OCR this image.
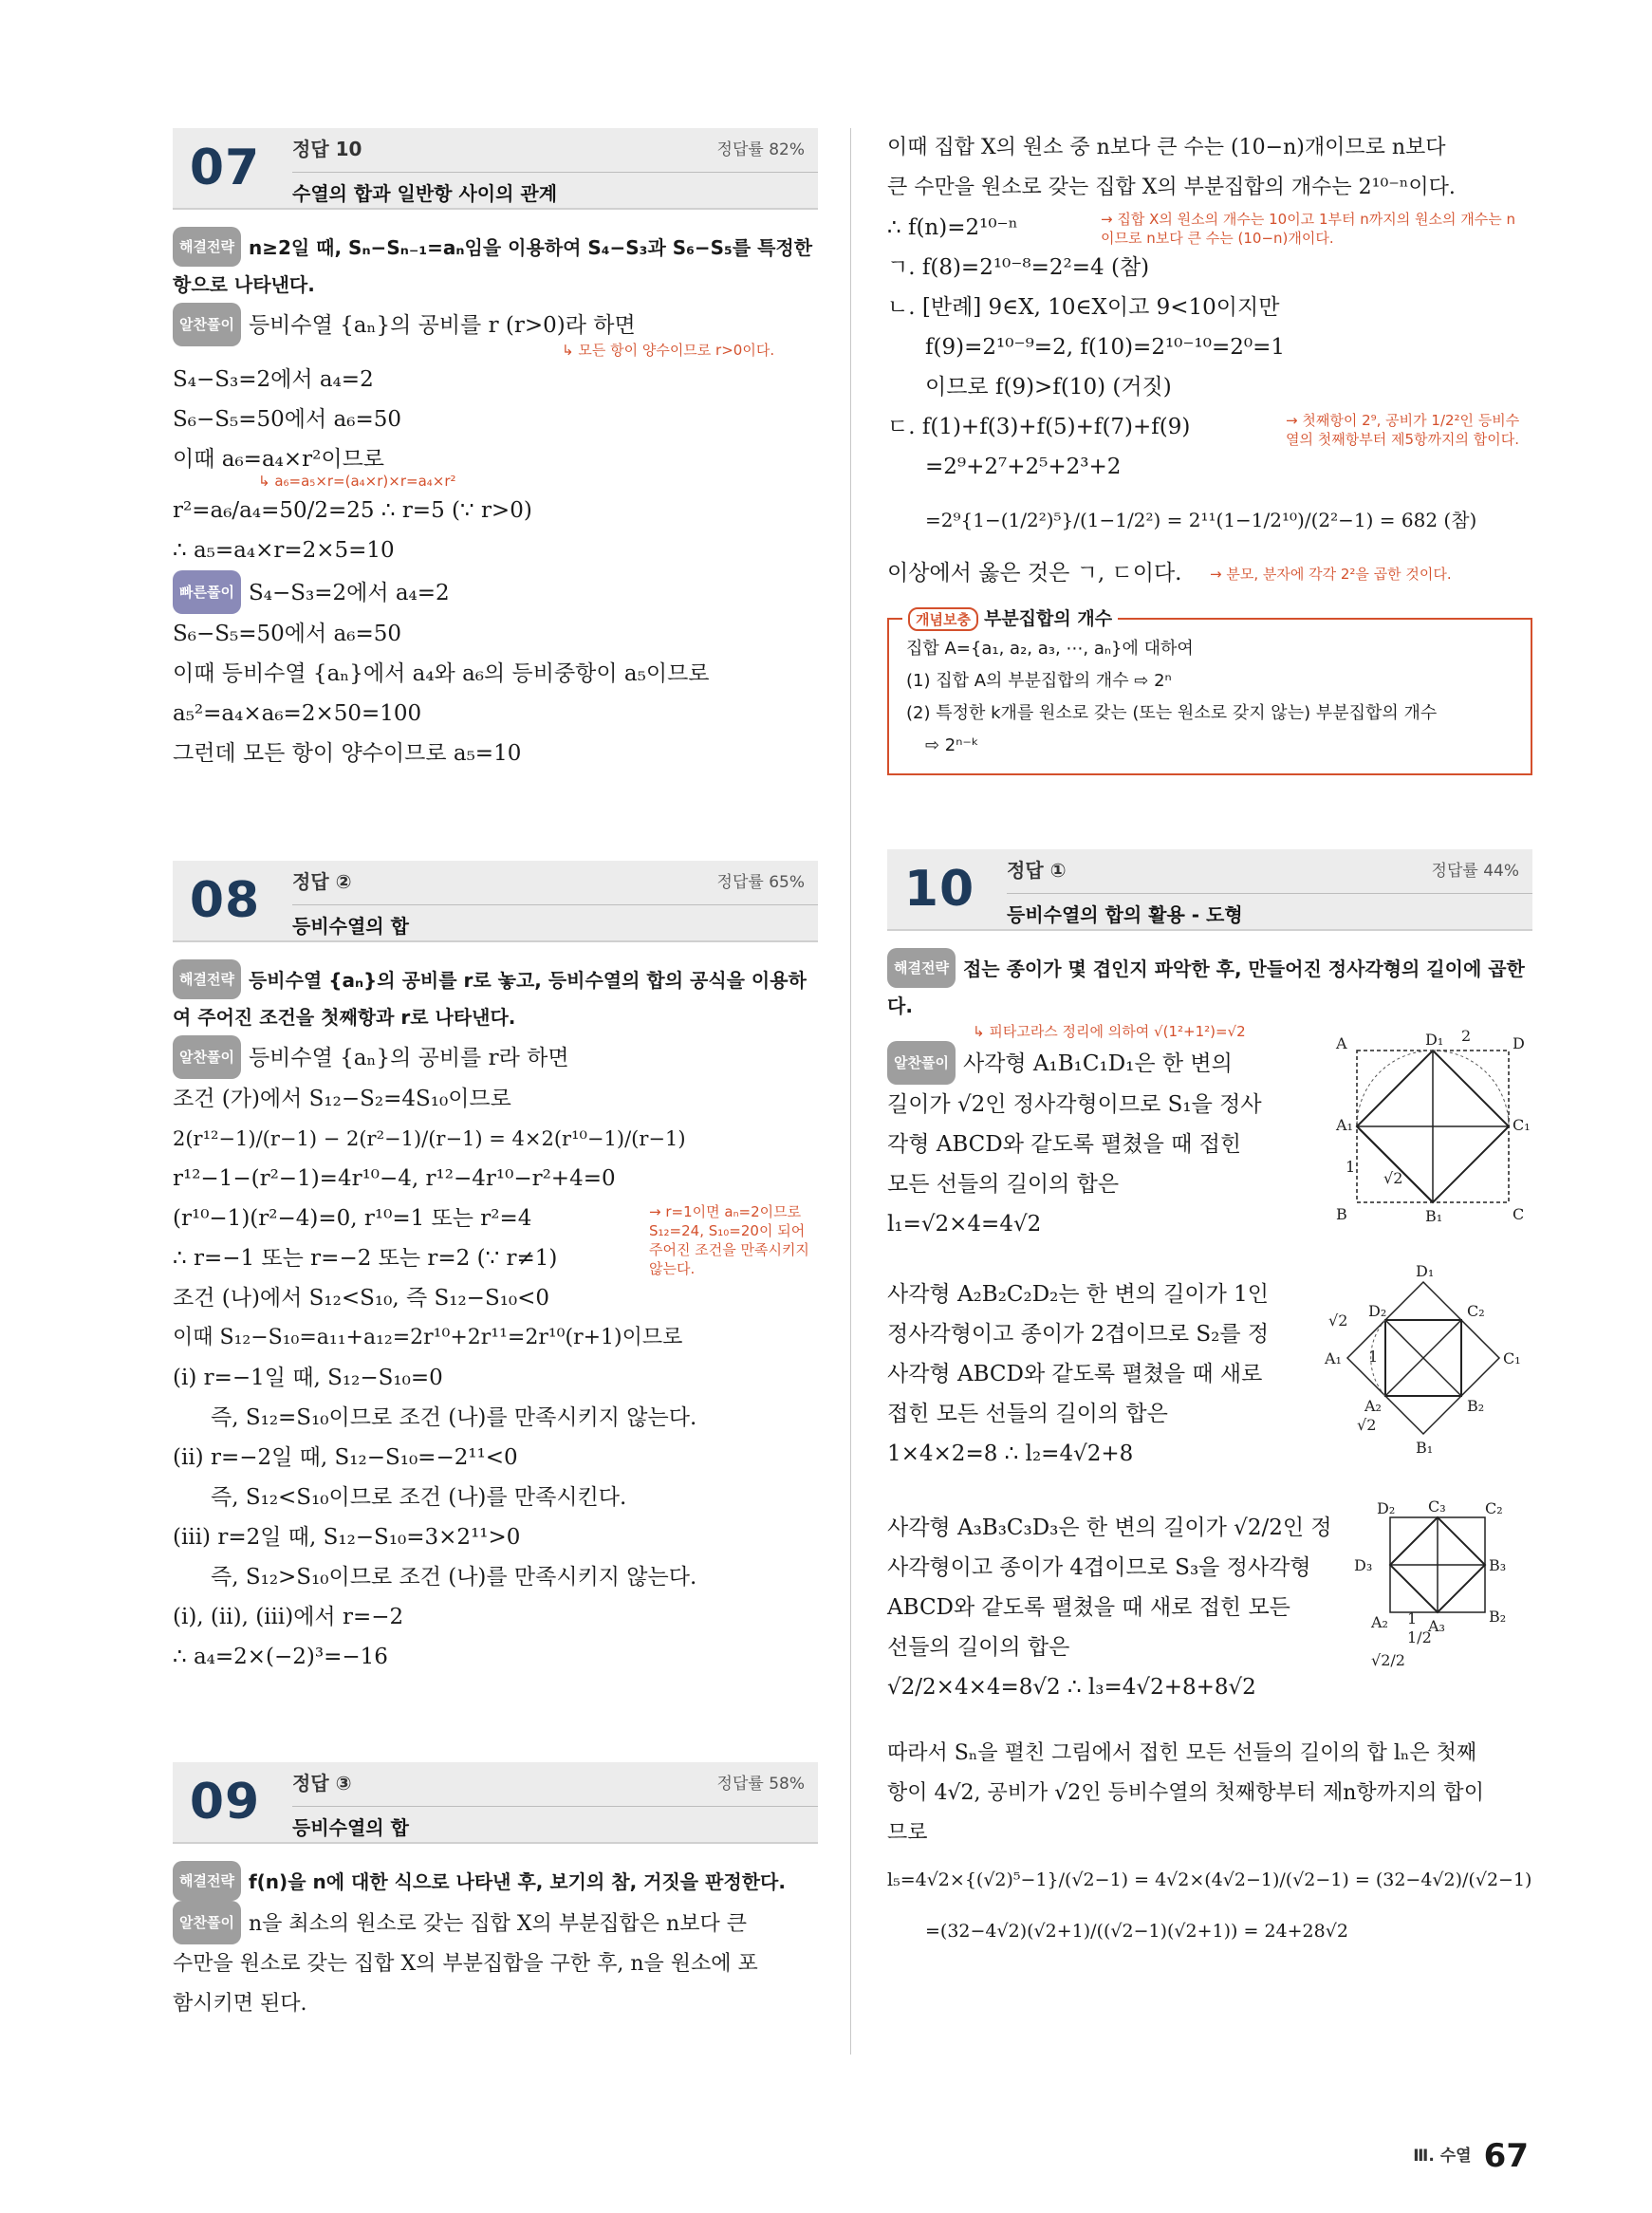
07	정답 10	정답률 82%
수열의 합과 일반항 사이의 관계
해결전략 n≥2일 때, Sₙ−Sₙ₋₁=aₙ임을 이용하여 S₄−S₃과 S₆−S₅를 특정한 항으로 나타낸다.
알찬풀이 등비수열 {aₙ}의 공비를 r (r>0)라 하면
↳ 모든 항이 양수이므로 r>0이다.
S₄−S₃=2에서 a₄=2
S₆−S₅=50에서 a₆=50
이때 a₆=a₄×r²이므로
↳ a₆=a₅×r=(a₄×r)×r=a₄×r²
r²=a₆/a₄=50/2=25 ∴ r=5 (∵ r>0)
∴ a₅=a₄×r=2×5=10
빠른풀이 S₄−S₃=2에서 a₄=2
S₆−S₅=50에서 a₆=50
이때 등비수열 {aₙ}에서 a₄와 a₆의 등비중항이 a₅이므로
a₅²=a₄×a₆=2×50=100
그런데 모든 항이 양수이므로 a₅=10
08	정답 ②	정답률 65%
등비수열의 합
해결전략 등비수열 {aₙ}의 공비를 r로 놓고, 등비수열의 합의 공식을 이용하여 주어진 조건을 첫째항과 r로 나타낸다.
알찬풀이 등비수열 {aₙ}의 공비를 r라 하면
조건 (가)에서 S₁₂−S₂=4S₁₀이므로
2(r¹²−1)/(r−1) − 2(r²−1)/(r−1) = 4×2(r¹⁰−1)/(r−1)
r¹²−1−(r²−1)=4r¹⁰−4, r¹²−4r¹⁰−r²+4=0
(r¹⁰−1)(r²−4)=0, r¹⁰=1 또는 r²=4
∴ r=−1 또는 r=−2 또는 r=2 (∵ r≠1)
→ r=1이면 aₙ=2이므로 S₁₂=24, S₁₀=20이 되어 주어진 조건을 만족시키지 않는다.
조건 (나)에서 S₁₂<S₁₀, 즉 S₁₂−S₁₀<0
이때 S₁₂−S₁₀=a₁₁+a₁₂=2r¹⁰+2r¹¹=2r¹⁰(r+1)이므로
(ⅰ) r=−1일 때, S₁₂−S₁₀=0
즉, S₁₂=S₁₀이므로 조건 (나)를 만족시키지 않는다.
(ⅱ) r=−2일 때, S₁₂−S₁₀=−2¹¹<0
즉, S₁₂<S₁₀이므로 조건 (나)를 만족시킨다.
(ⅲ) r=2일 때, S₁₂−S₁₀=3×2¹¹>0
즉, S₁₂>S₁₀이므로 조건 (나)를 만족시키지 않는다.
(ⅰ), (ⅱ), (ⅲ)에서 r=−2
∴ a₄=2×(−2)³=−16
09	정답 ③	정답률 58%
등비수열의 합
해결전략 f(n)을 n에 대한 식으로 나타낸 후, 보기의 참, 거짓을 판정한다.
알찬풀이 n을 최소의 원소로 갖는 집합 X의 부분집합은 n보다 큰
수만을 원소로 갖는 집합 X의 부분집합을 구한 후, n을 원소에 포
함시키면 된다.
이때 집합 X의 원소 중 n보다 큰 수는 (10−n)개이므로 n보다
큰 수만을 원소로 갖는 집합 X의 부분집합의 개수는 2¹⁰⁻ⁿ이다.
∴ f(n)=2¹⁰⁻ⁿ	→ 집합 X의 원소의 개수는 10이고 1부터 n까지의 원소의 개수는 n이므로 n보다 큰 수는 (10−n)개이다.
ㄱ. f(8)=2¹⁰⁻⁸=2²=4 (참)
ㄴ. [반례] 9∈X, 10∈X이고 9<10이지만
f(9)=2¹⁰⁻⁹=2, f(10)=2¹⁰⁻¹⁰=2⁰=1
이므로 f(9)>f(10) (거짓)
ㄷ. f(1)+f(3)+f(5)+f(7)+f(9)
=2⁹+2⁷+2⁵+2³+2
→ 첫째항이 2⁹, 공비가 1/2²인 등비수열의 첫째항부터 제5항까지의 합이다.
=2⁹{1−(1/2²)⁵}/(1−1/2²) = 2¹¹(1−1/2¹⁰)/(2²−1) = 682 (참)
이상에서 옳은 것은 ㄱ, ㄷ이다.	→ 분모, 분자에 각각 2²을 곱한 것이다.
개념보충 부분집합의 개수
집합 A={a₁, a₂, a₃, ⋯, aₙ}에 대하여
(1) 집합 A의 부분집합의 개수 ⇨ 2ⁿ
(2) 특정한 k개를 원소로 갖는 (또는 원소로 갖지 않는) 부분집합의 개수
⇨ 2ⁿ⁻ᵏ
10	정답 ①	정답률 44%
등비수열의 합의 활용 - 도형
해결전략 접는 종이가 몇 겹인지 파악한 후, 만들어진 정사각형의 길이에 곱한다.
↳ 피타고라스 정리에 의하여 √(1²+1²)=√2
알찬풀이 사각형 A₁B₁C₁D₁은 한 변의
길이가 √2인 정사각형이므로 S₁을 정사
각형 ABCD와 같도록 펼쳤을 때 접힌
모든 선들의 길이의 합은
l₁=√2×4=4√2
A
B	C
D
A₁
B₁
C₁
D₁
1
2
√2
사각형 A₂B₂C₂D₂는 한 변의 길이가 1인
정사각형이고 종이가 2겹이므로 S₂를 정
사각형 ABCD와 같도록 펼쳤을 때 새로
접힌 모든 선들의 길이의 합은
1×4×2=8 ∴ l₂=4√2+8
D₁
A₁	C₁
B₁
D₂	C₂
A₂	B₂
1
√2
√2
사각형 A₃B₃C₃D₃은 한 변의 길이가 √2/2인 정
사각형이고 종이가 4겹이므로 S₃을 정사각형
ABCD와 같도록 펼쳤을 때 새로 접힌 모든
선들의 길이의 합은
√2/2×4×4=8√2 ∴ l₃=4√2+8+8√2
D₂ C₃	C₂
D₃	B₃
A₂	A₃
B₂
1
1/2
√2/2
따라서 Sₙ을 펼친 그림에서 접힌 모든 선들의 길이의 합 lₙ은 첫째
항이 4√2, 공비가 √2인 등비수열의 첫째항부터 제n항까지의 합이
므로
l₅=4√2×{(√2)⁵−1}/(√2−1) = 4√2×(4√2−1)/(√2−1) = (32−4√2)/(√2−1)
=(32−4√2)(√2+1)/((√2−1)(√2+1)) = 24+28√2
Ⅲ. 수열 67
